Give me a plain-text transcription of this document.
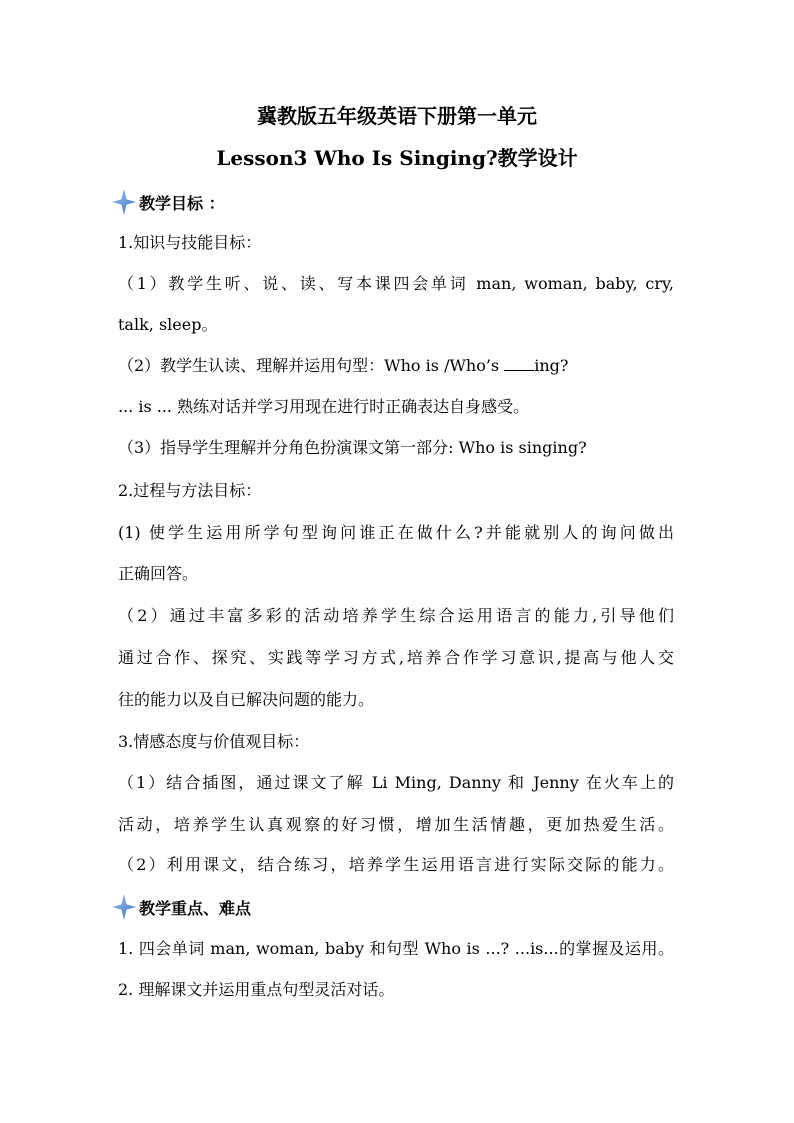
冀教版五年级英语下册第一单元
Lesson3 Who Is Singing?教学设计
教学目标 ：

1.知识与技能目标：

（1）教学生听、说、读、写本课四会单词 man, woman, baby, cry,

talk, sleep。

（2）教学生认读、理解并运用句型：Who is /Who’s ing?

... is ... 熟练对话并学习用现在进行时正确表达自身感受。

（3）指导学生理解并分角色扮演课文第一部分: Who is singing?

2.过程与方法目标：

(1) 使学生运用所学句型询问谁正在做什么?并能就别人的询问做出

正确回答。

（2）通过丰富多彩的活动培养学生综合运用语言的能力,引导他们

通过合作、探究、实践等学习方式,培养合作学习意识,提高与他人交

往的能力以及自已解决问题的能力。

3.情感态度与价值观目标：

（1）结合插图，通过课文了解 Li Ming, Danny 和 Jenny 在火车上的

活动，培养学生认真观察的好习惯，增加生活情趣，更加热爱生活。

（2）利用课文，结合练习，培养学生运用语言进行实际交际的能力。

教学重点、难点

1. 四会单词 man, woman, baby 和句型 Who is ...? ...is...的掌握及运用。

2. 理解课文并运用重点句型灵活对话。
